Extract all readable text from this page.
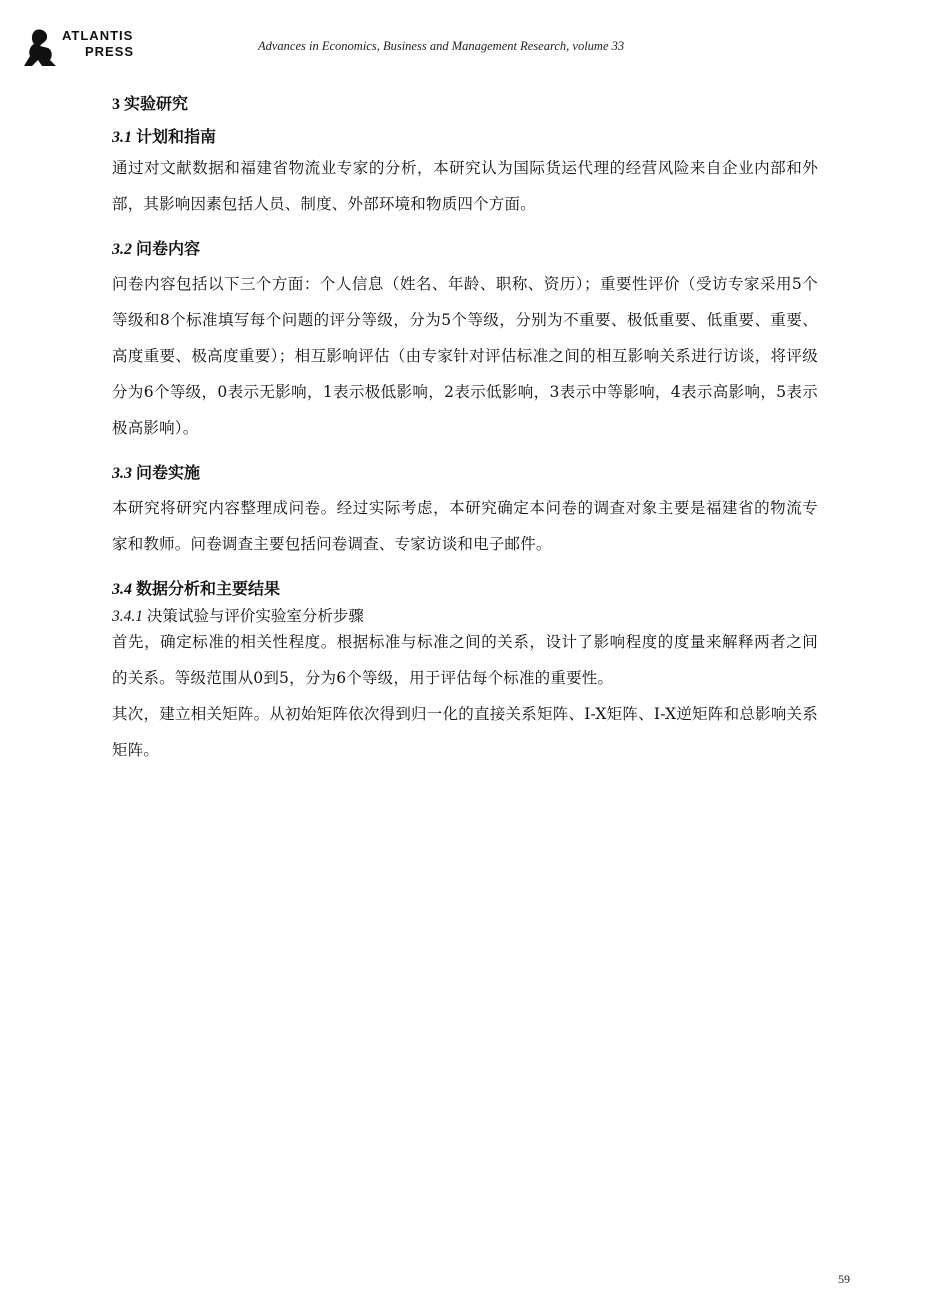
ATLANTIS
PRESS	Advances in Economics, Business and Management Research, volume 33
3 实验研究
3.1 计划和指南

通过对文献数据和福建省物流业专家的分析，本研究认为国际货运代理的经营风险来自企业内部和外部，其影响因素包括人员、制度、外部环境和物质四个方面。

3.2 问卷内容

问卷内容包括以下三个方面：个人信息（姓名、年龄、职称、资历）；重要性评价（受访专家采用5个等级和8个标准填写每个问题的评分等级，分为5个等级，分别为不重要、极低重要、低重要、重要、高度重要、极高度重要）；相互影响评估（由专家针对评估标准之间的相互影响关系进行访谈，将评级分为6个等级，0表示无影响，1表示极低影响，2表示低影响，3表示中等影响，4表示高影响，5表示极高影响）。

3.3 问卷实施

本研究将研究内容整理成问卷。经过实际考虑，本研究确定本问卷的调查对象主要是福建省的物流专家和教师。问卷调查主要包括问卷调查、专家访谈和电子邮件。

3.4 数据分析和主要结果

3.4.1 决策试验与评价实验室分析步骤

首先，确定标准的相关性程度。根据标准与标准之间的关系，设计了影响程度的度量来解释两者之间的关系。等级范围从0到5，分为6个等级，用于评估每个标准的重要性。

其次，建立相关矩阵。从初始矩阵依次得到归一化的直接关系矩阵、I-X矩阵、I-X逆矩阵和总影响关系矩阵。

59
